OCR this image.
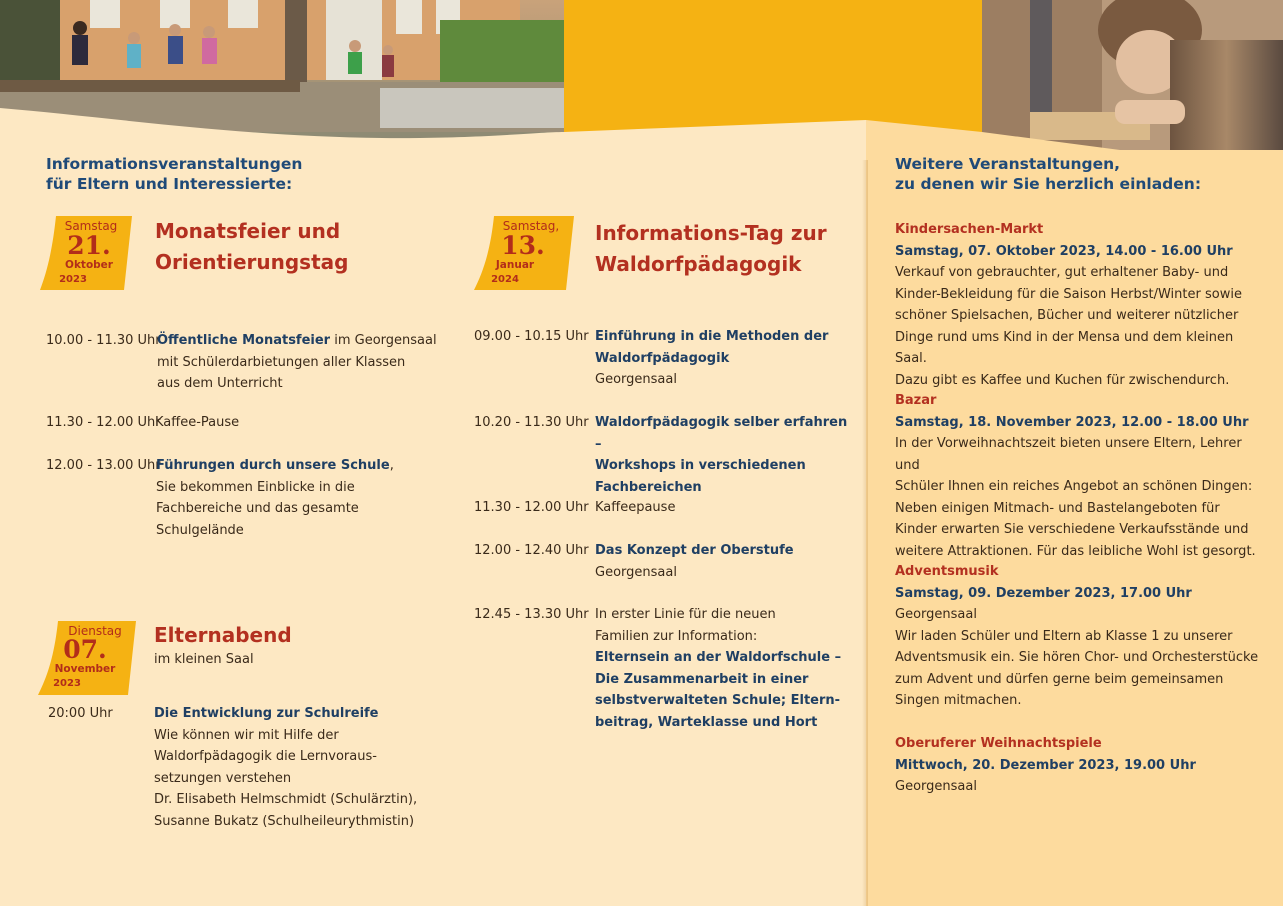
Informationsveranstaltungen
für Eltern und Interessierte:
Weitere Veranstaltungen,
zu denen wir Sie herzlich einladen:
Samstag
21.
Oktober
2023
Monatsfeier und
Orientierungstag
10.00 - 11.30 Uhr
Öffentliche Monatsfeier im Georgensaal
mit Schülerdarbietungen aller Klassen
aus dem Unterricht
11.30 - 12.00 Uhr
Kaffee-Pause
12.00 - 13.00 Uhr
Führungen durch unsere Schule,
Sie bekommen Einblicke in die
Fachbereiche und das gesamte
Schulgelände
Dienstag
07.
November
2023
Elternabend
im kleinen Saal
20:00 Uhr	Die Entwicklung zur Schulreife
Wie können wir mit Hilfe der
Waldorfpädagogik die Lernvoraus-
setzungen verstehen
Dr. Elisabeth Helmschmidt (Schulärztin),
Susanne Bukatz (Schulheileurythmistin)
Samstag,
13.
Januar
2024
Informations-Tag zur
Waldorfpädagogik
09.00 - 10.15 Uhr Einführung in die Methoden der
Waldorfpädagogik
Georgensaal
10.20 - 11.30 Uhr Waldorfpädagogik selber erfahren –
Workshops in verschiedenen
Fachbereichen
11.30 - 12.00 Uhr Kaffeepause
12.00 - 12.40 Uhr Das Konzept der Oberstufe
Georgensaal
12.45 - 13.30 Uhr In erster Linie für die neuen
Familien zur Information:
Elternsein an der Waldorfschule –
Die Zusammenarbeit in einer
selbstverwalteten Schule; Eltern-
beitrag, Warteklasse und Hort
Kindersachen-Markt
Samstag, 07. Oktober 2023, 14.00 - 16.00 Uhr
Verkauf von gebrauchter, gut erhaltener Baby- und
Kinder-Bekleidung für die Saison Herbst/Winter sowie
schöner Spielsachen, Bücher und weiterer nützlicher
Dinge rund ums Kind in der Mensa und dem kleinen Saal.
Dazu gibt es Kaffee und Kuchen für zwischendurch.
Bazar
Samstag, 18. November 2023, 12.00 - 18.00 Uhr
In der Vorweihnachtszeit bieten unsere Eltern, Lehrer und
Schüler Ihnen ein reiches Angebot an schönen Dingen:
Neben einigen Mitmach- und Bastelangeboten für
Kinder erwarten Sie verschiedene Verkaufsstände und
weitere Attraktionen. Für das leibliche Wohl ist gesorgt.
Adventsmusik
Samstag, 09. Dezember 2023, 17.00 Uhr
Georgensaal
Wir laden Schüler und Eltern ab Klasse 1 zu unserer
Adventsmusik ein. Sie hören Chor- und Orchesterstücke
zum Advent und dürfen gerne beim gemeinsamen
Singen mitmachen.
Oberuferer Weihnachtspiele
Mittwoch, 20. Dezember 2023, 19.00 Uhr
Georgensaal
